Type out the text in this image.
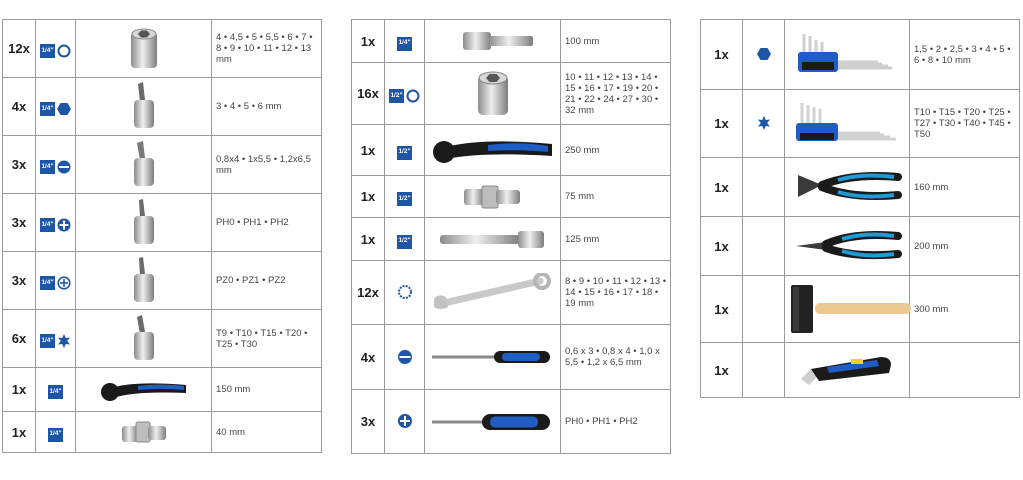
12x	1/4"		4 • 4,5 • 5 • 5,5 • 6 • 7 • 8 • 9 • 10 • 11 • 12 • 13 mm
4x	1/4"		3 • 4 • 5 • 6 mm
3x	1/4"		0,8x4 • 1x5,5 • 1,2x6,5 mm
3x	1/4"		PH0 • PH1 • PH2
3x	1/4"		PZ0 • PZ1 • PZ2
6x	1/4"		T9 • T10 • T15 • T20 • T25 • T30
1x	1/4"		150 mm
1x	1/4"		40 mm
1x	1/4"		100 mm
16x	1/2"		10 • 11 • 12 • 13 • 14 • 15 • 16 • 17 • 19 • 20 • 21 • 22 • 24 • 27 • 30 • 32 mm
1x	1/2"		250 mm
1x	1/2"		75 mm
1x	1/2"		125 mm
12x			8 • 9 • 10 • 11 • 12 • 13 • 14 • 15 • 16 • 17 • 18 • 19 mm
4x			0,6 x 3 • 0,8 x 4 • 1,0 x 5,5 • 1,2 x 6,5 mm
3x			PH0 • PH1 • PH2
1x			1,5 • 2 • 2,5 • 3 • 4 • 5 • 6 • 8 • 10 mm
1x			T10 • T15 • T20 • T25 • T27 • T30 • T40 • T45 • T50
1x			160 mm
1x			200 mm
1x			300 mm
1x			
